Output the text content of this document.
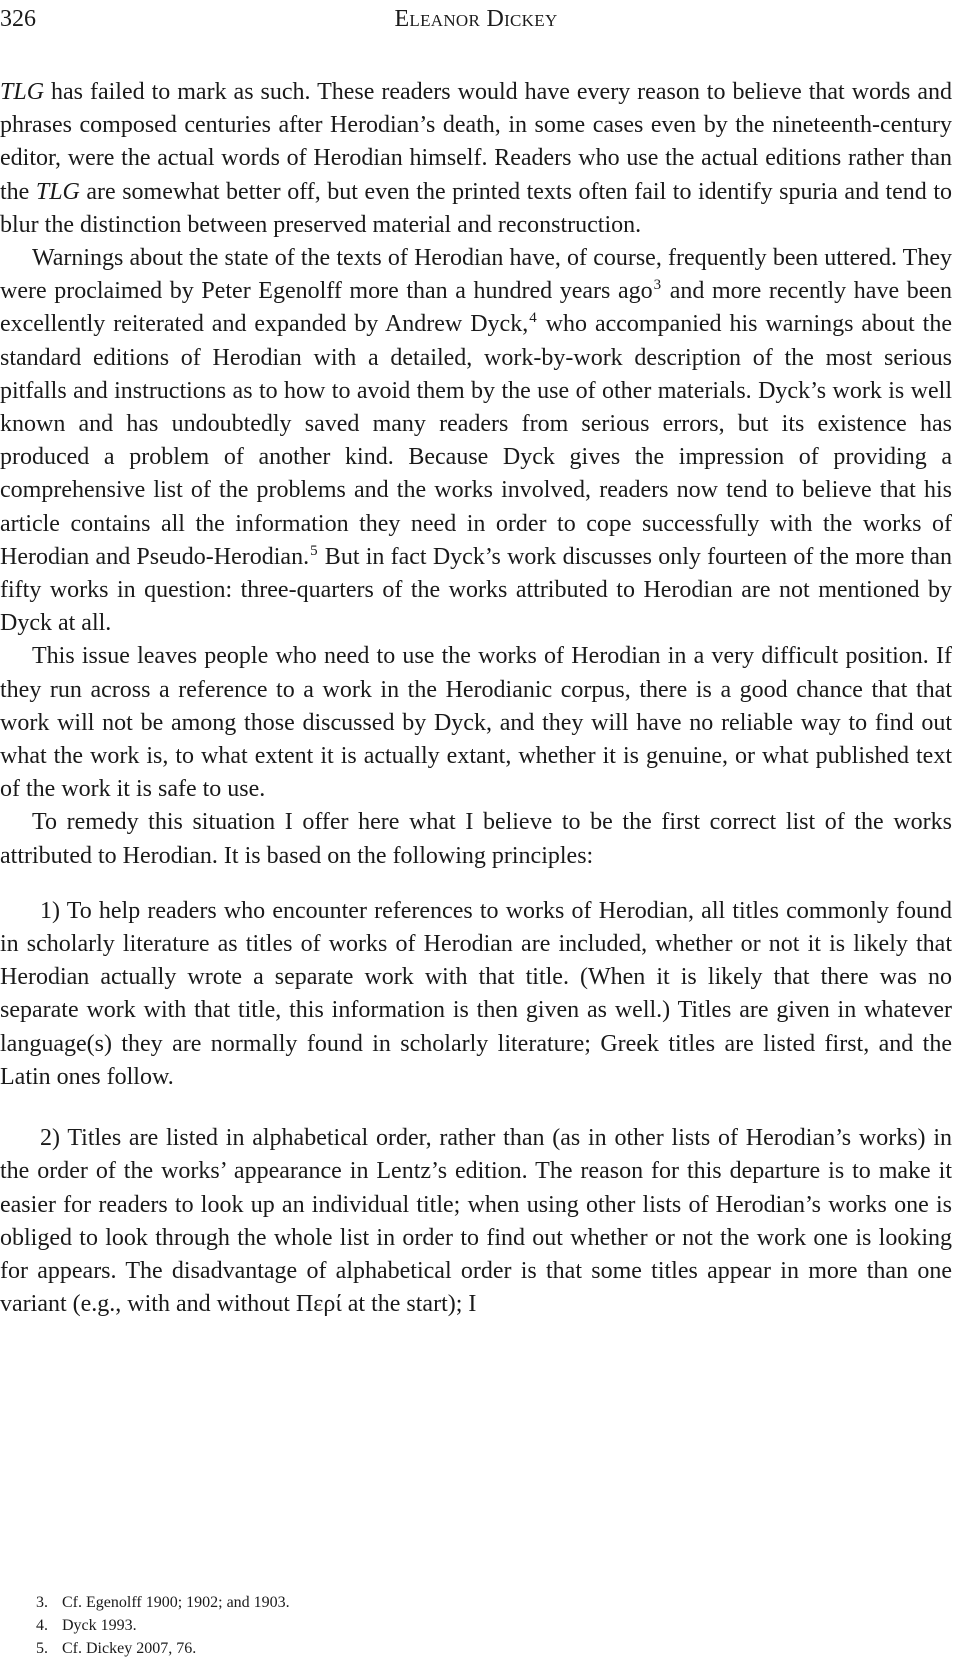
326	Eleanor Dickey

TLG has failed to mark as such. These readers would have every reason to believe that words and phrases composed centuries after Herodian’s death, in some cases even by the nineteenth-century editor, were the actual words of Herodian himself. Readers who use the actual editions rather than the TLG are somewhat better off, but even the printed texts often fail to identify spuria and tend to blur the distinction between preserved material and reconstruction.

Warnings about the state of the texts of Herodian have, of course, frequently been uttered. They were proclaimed by Peter Egenolff more than a hundred years ago$^3$ and more recently have been excellently reiterated and expanded by Andrew Dyck,$^4$ who accompanied his warnings about the standard editions of Herodian with a detailed, work-by-work description of the most serious pitfalls and instructions as to how to avoid them by the use of other materials. Dyck’s work is well known and has undoubtedly saved many readers from serious errors, but its existence has produced a problem of another kind. Because Dyck gives the impression of providing a comprehensive list of the problems and the works involved, readers now tend to believe that his article contains all the information they need in order to cope successfully with the works of Herodian and Pseudo-Herodian.$^5$ But in fact Dyck’s work discusses only fourteen of the more than fifty works in question: three-quarters of the works attributed to Herodian are not mentioned by Dyck at all.

This issue leaves people who need to use the works of Herodian in a very difficult position. If they run across a reference to a work in the Herodianic corpus, there is a good chance that that work will not be among those discussed by Dyck, and they will have no reliable way to find out what the work is, to what extent it is actually extant, whether it is genuine, or what published text of the work it is safe to use.

To remedy this situation I offer here what I believe to be the first correct list of the works attributed to Herodian. It is based on the following principles:

1) To help readers who encounter references to works of Herodian, all titles commonly found in scholarly literature as titles of works of Herodian are included, whether or not it is likely that Herodian actually wrote a separate work with that title. (When it is likely that there was no separate work with that title, this information is then given as well.) Titles are given in whatever language(s) they are normally found in scholarly literature; Greek titles are listed first, and the Latin ones follow.

2) Titles are listed in alphabetical order, rather than (as in other lists of Herodian’s works) in the order of the works’ appearance in Lentz’s edition. The reason for this departure is to make it easier for readers to look up an individual title; when using other lists of Herodian’s works one is obliged to look through the whole list in order to find out whether or not the work one is looking for appears. The disadvantage of alphabetical order is that some titles appear in more than one variant (e.g., with and without Περί at the start); I

3. Cf. Egenolff 1900; 1902; and 1903.
4. Dyck 1993.
5. Cf. Dickey 2007, 76.
